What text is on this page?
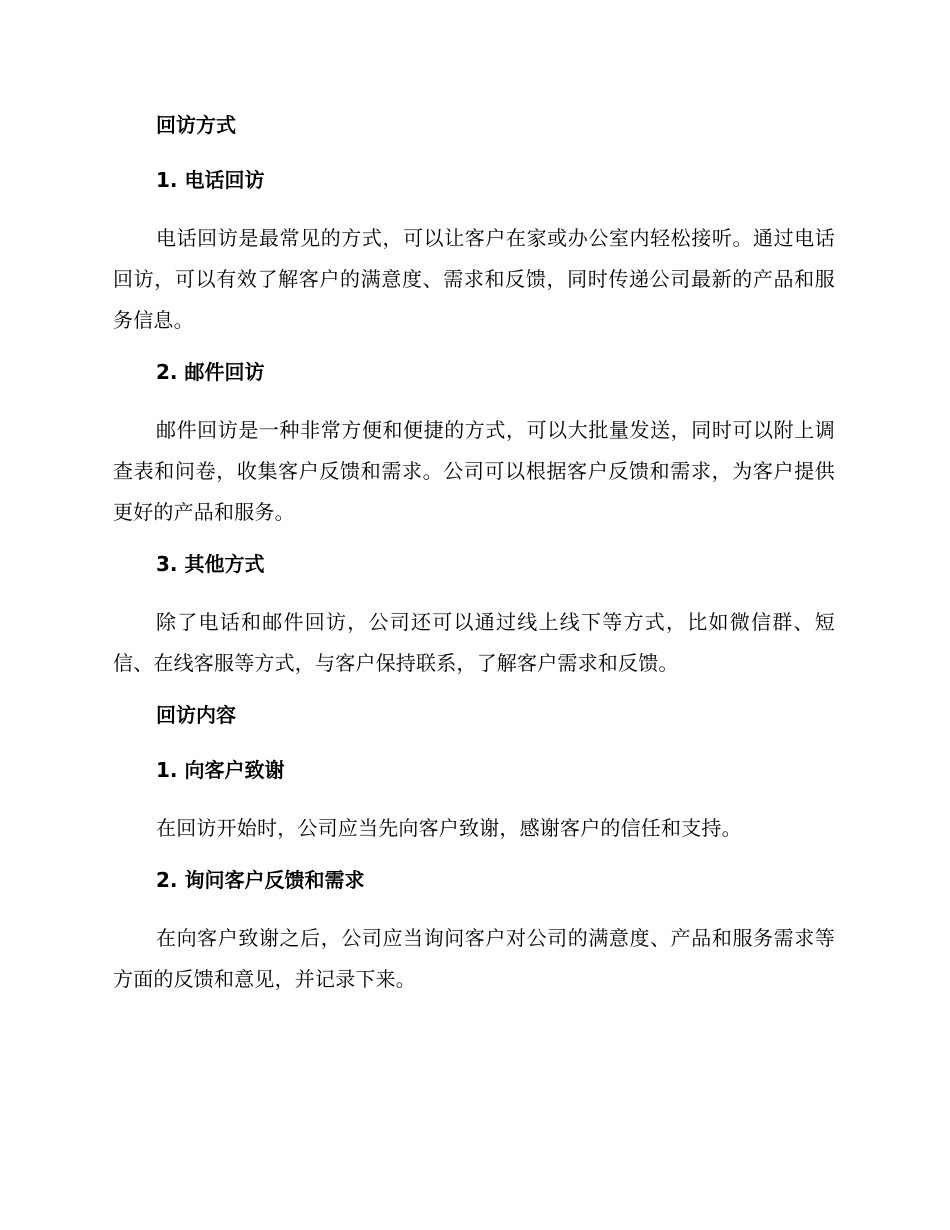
回访方式
1. 电话回访

电话回访是最常见的方式，可以让客户在家或办公室内轻松接听。通过电话回访，可以有效了解客户的满意度、需求和反馈，同时传递公司最新的产品和服务信息。

2. 邮件回访

邮件回访是一种非常方便和便捷的方式，可以大批量发送，同时可以附上调查表和问卷，收集客户反馈和需求。公司可以根据客户反馈和需求，为客户提供更好的产品和服务。

3. 其他方式

除了电话和邮件回访，公司还可以通过线上线下等方式，比如微信群、短信、在线客服等方式，与客户保持联系，了解客户需求和反馈。

回访内容
1. 向客户致谢

在回访开始时，公司应当先向客户致谢，感谢客户的信任和支持。

2. 询问客户反馈和需求

在向客户致谢之后，公司应当询问客户对公司的满意度、产品和服务需求等方面的反馈和意见，并记录下来。
